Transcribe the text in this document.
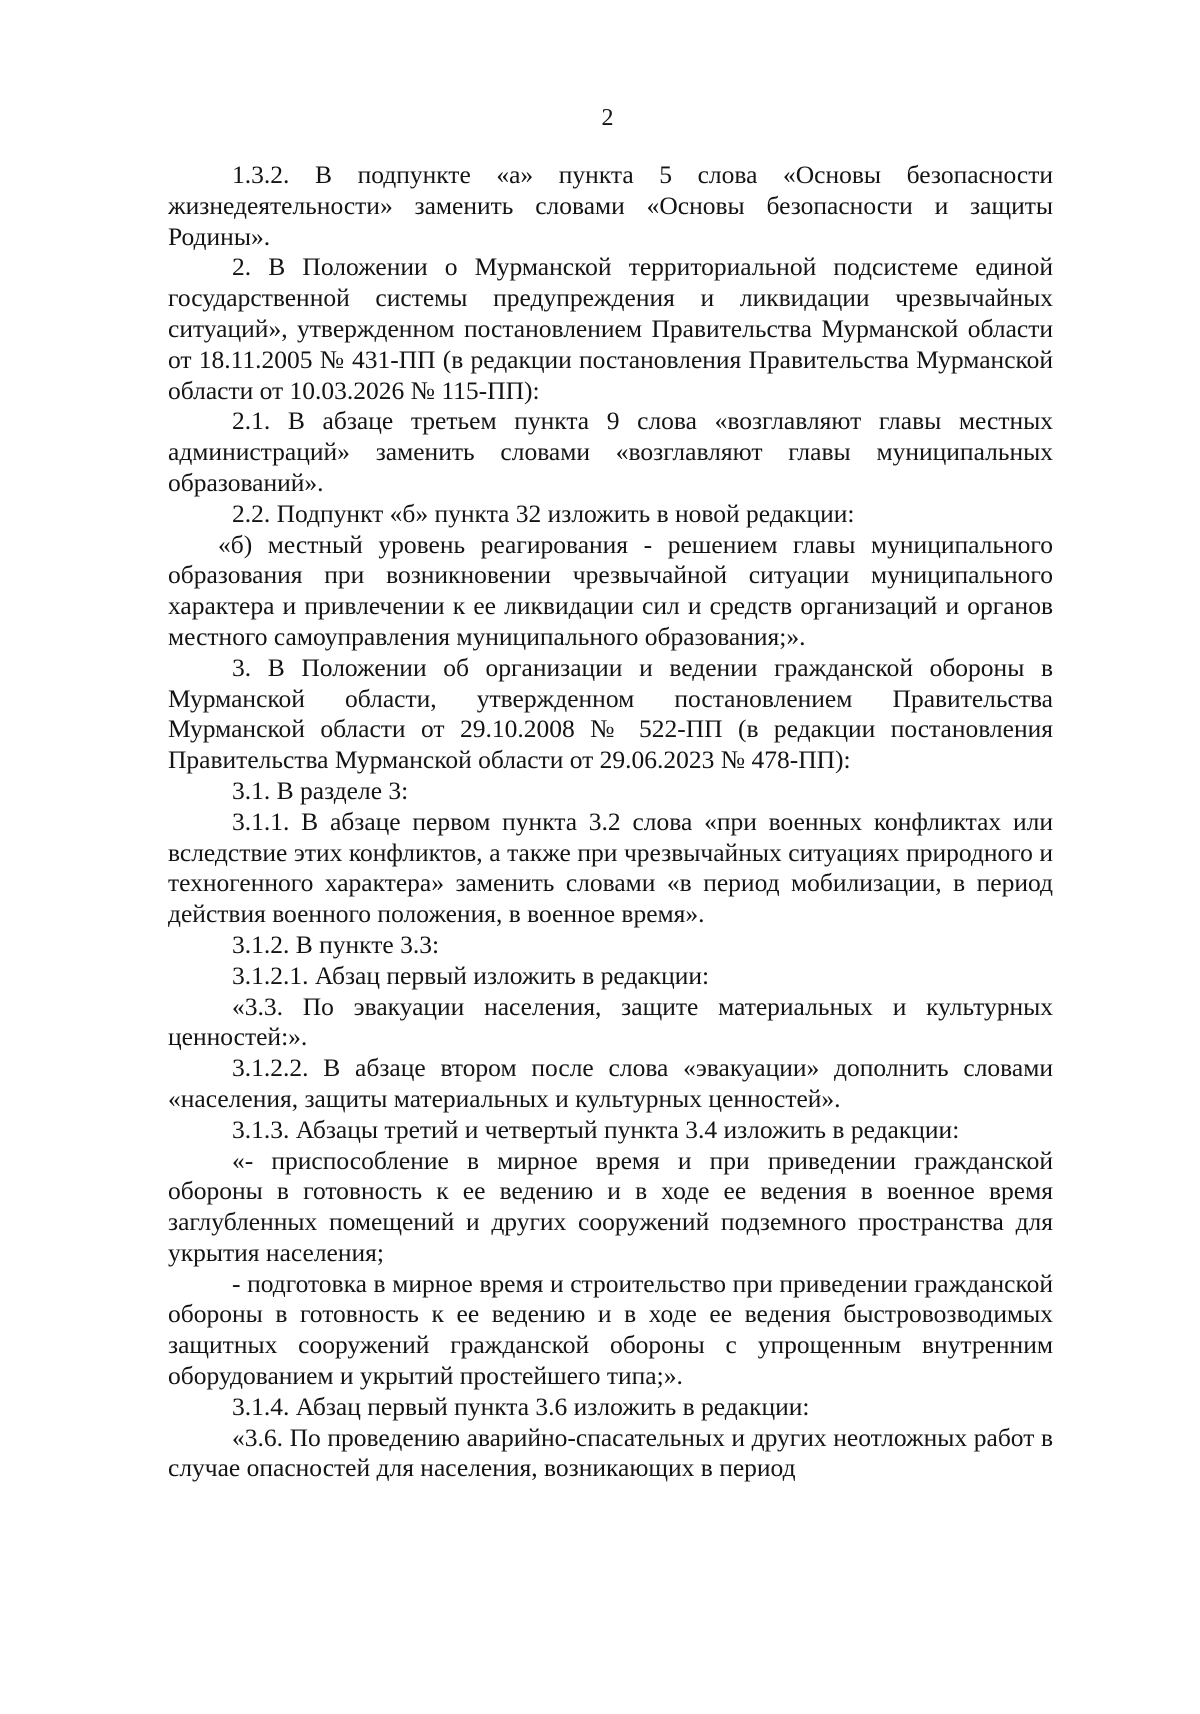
2

1.3.2. В подпункте «а» пункта 5 слова «Основы безопасности жизнедеятельности» заменить словами «Основы безопасности и защиты Родины».

2. В Положении о Мурманской территориальной подсистеме единой государственной системы предупреждения и ликвидации чрезвычайных ситуаций», утвержденном постановлением Правительства Мурманской области от 18.11.2005 № 431-ПП (в редакции постановления Правительства Мурманской области от 10.03.2026 № 115-ПП):

2.1. В абзаце третьем пункта 9 слова «возглавляют главы местных администраций» заменить словами «возглавляют главы муниципальных образований».

2.2. Подпункт «б» пункта 32 изложить в новой редакции:

«б) местный уровень реагирования - решением главы муниципального образования при возникновении чрезвычайной ситуации муниципального характера и привлечении к ее ликвидации сил и средств организаций и органов местного самоуправления муниципального образования;».

3. В Положении об организации и ведении гражданской обороны в Мурманской области, утвержденном постановлением Правительства Мурманской области от 29.10.2008 № 522-ПП (в редакции постановления Правительства Мурманской области от 29.06.2023 № 478-ПП):

3.1. В разделе 3:

3.1.1. В абзаце первом пункта 3.2 слова «при военных конфликтах или вследствие этих конфликтов, а также при чрезвычайных ситуациях природного и техногенного характера» заменить словами «в период мобилизации, в период действия военного положения, в военное время».

3.1.2. В пункте 3.3:

3.1.2.1. Абзац первый изложить в редакции:

«3.3. По эвакуации населения, защите материальных и культурных ценностей:».

3.1.2.2. В абзаце втором после слова «эвакуации» дополнить словами «населения, защиты материальных и культурных ценностей».

3.1.3. Абзацы третий и четвертый пункта 3.4 изложить в редакции:

«- приспособление в мирное время и при приведении гражданской обороны в готовность к ее ведению и в ходе ее ведения в военное время заглубленных помещений и других сооружений подземного пространства для укрытия населения;

- подготовка в мирное время и строительство при приведении гражданской обороны в готовность к ее ведению и в ходе ее ведения быстровозводимых защитных сооружений гражданской обороны с упрощенным внутренним оборудованием и укрытий простейшего типа;».

3.1.4. Абзац первый пункта 3.6 изложить в редакции:

«3.6. По проведению аварийно-спасательных и других неотложных работ в случае опасностей для населения, возникающих в период
